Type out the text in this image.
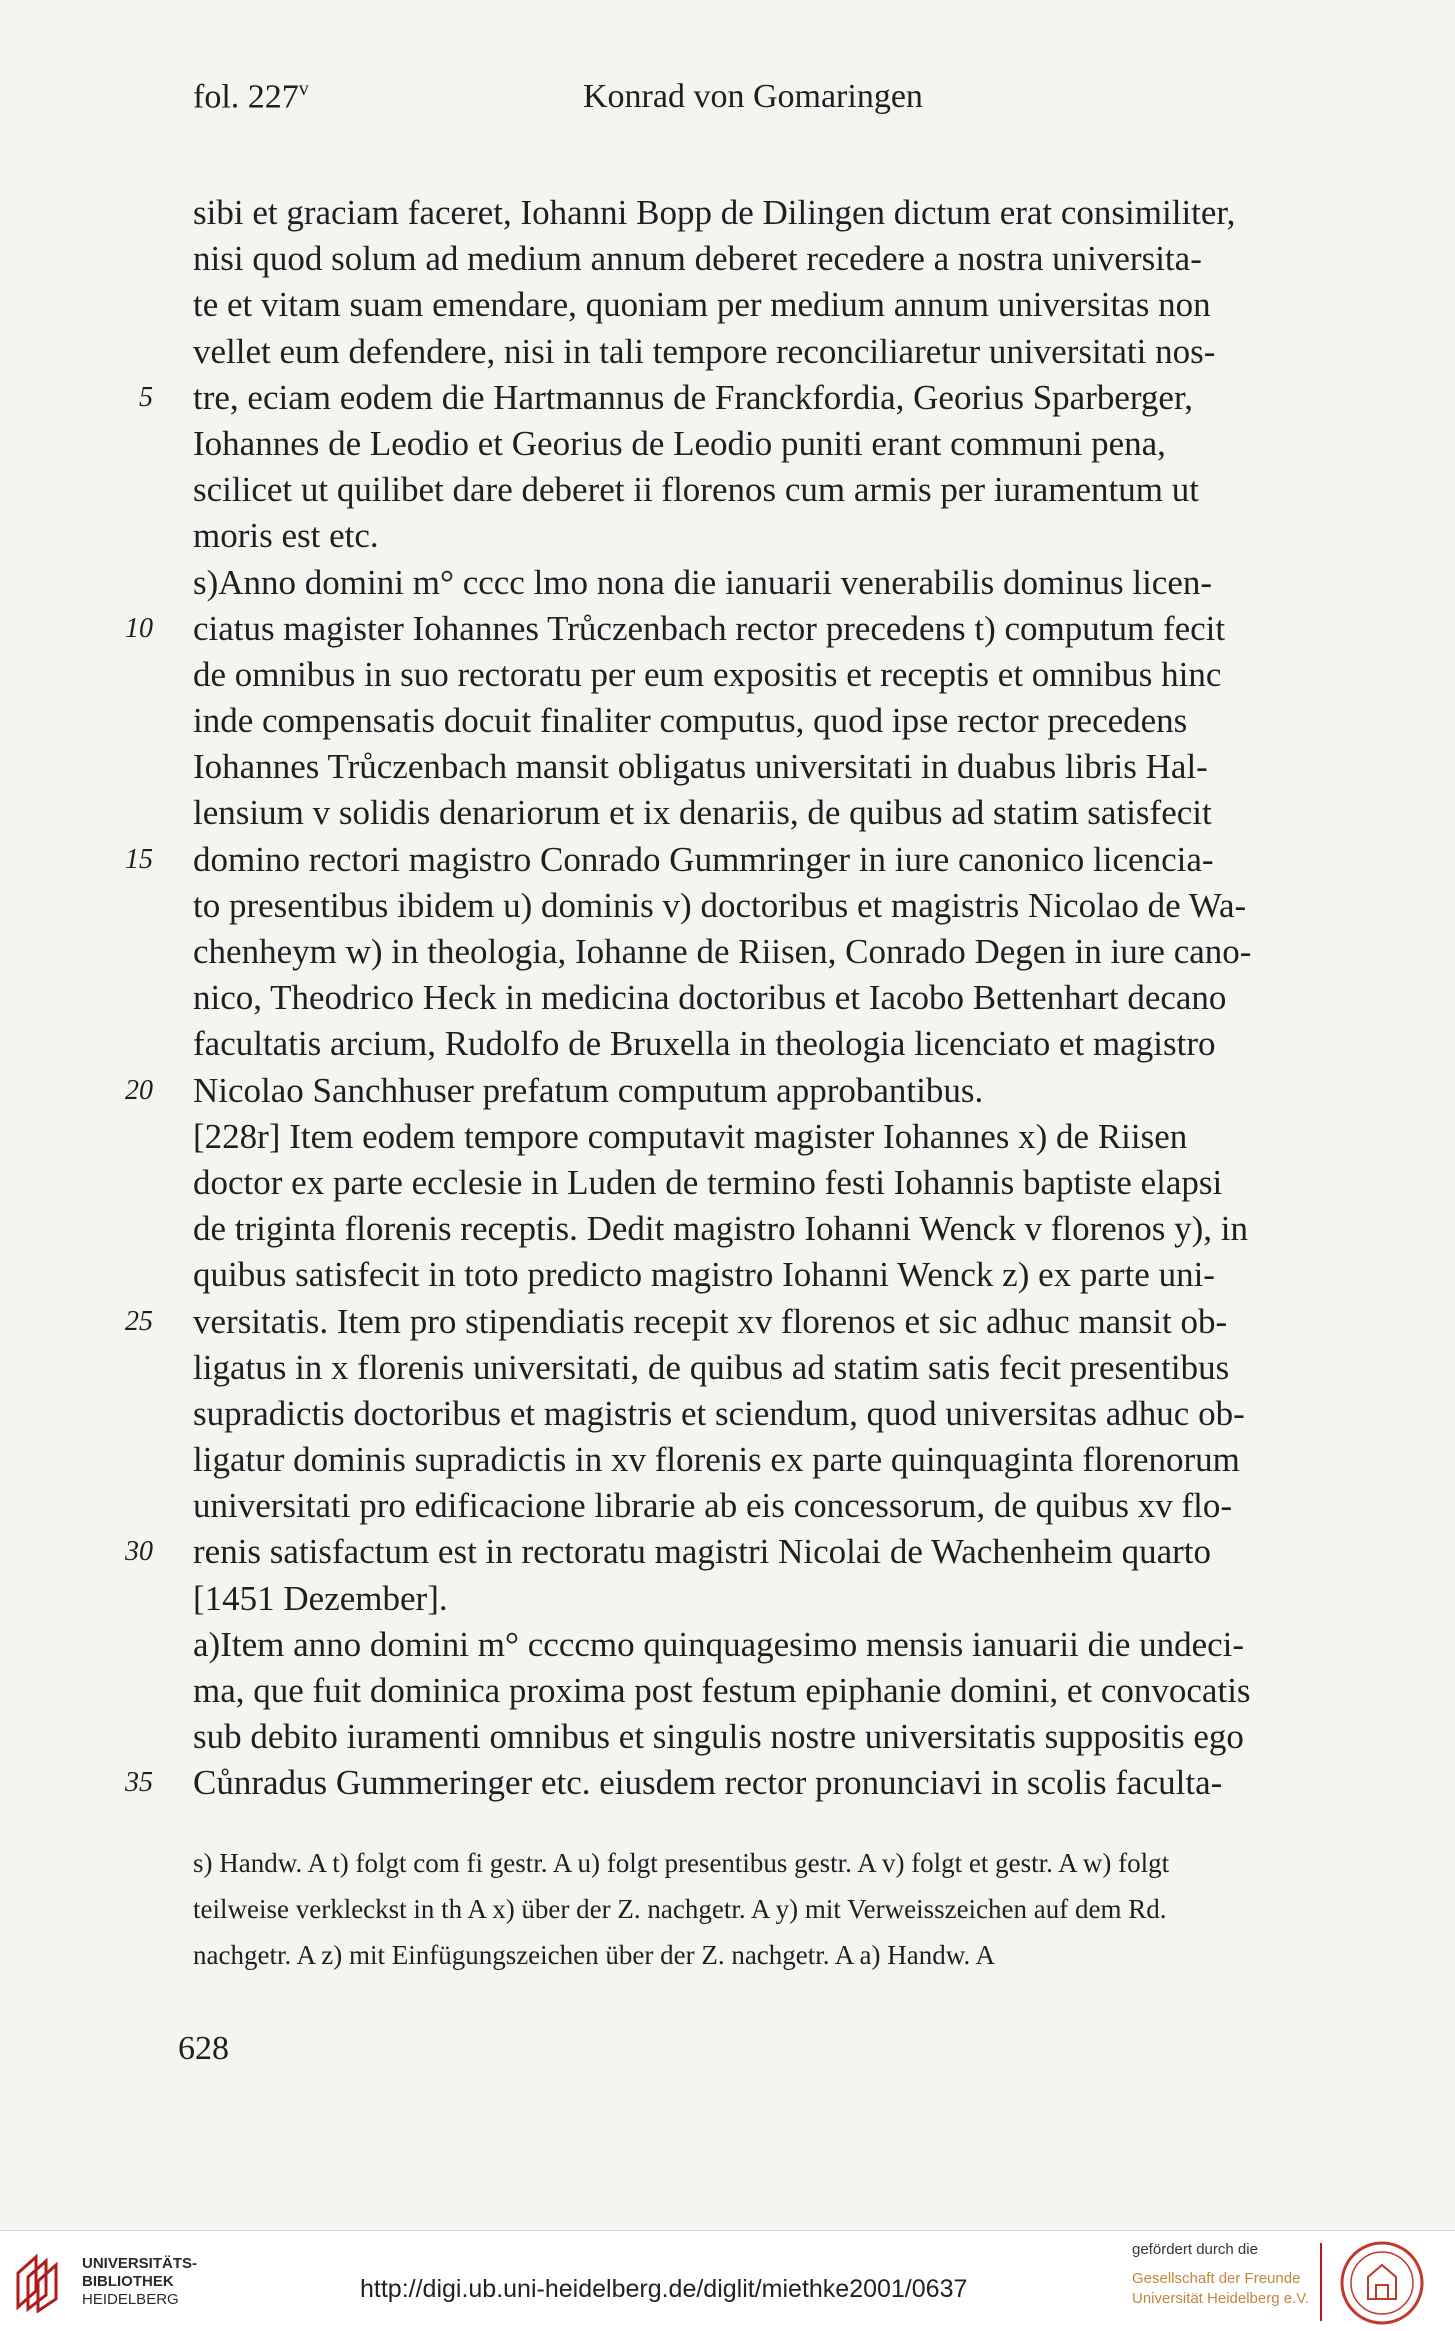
fol. 227$^v$	Konrad von Gomaringen
sibi et graciam faceret, Iohanni Bopp de Dilingen dictum erat consimiliter,
nisi quod solum ad medium annum deberet recedere a nostra universita-
te et vitam suam emendare, quoniam per medium annum universitas non
vellet eum defendere, nisi in tali tempore reconciliaretur universitati nos-
5 tre, eciam eodem die Hartmannus de Franckfordia, Georius Sparberger,
Iohannes de Leodio et Georius de Leodio puniti erant communi pena,
scilicet ut quilibet dare deberet ii florenos cum armis per iuramentum ut
moris est etc.
s)Anno domini m° cccc lmo nona die ianuarii venerabilis dominus licen-
10 ciatus magister Iohannes Trůczenbach rector precedens t) computum fecit
de omnibus in suo rectoratu per eum expositis et receptis et omnibus hinc
inde compensatis docuit finaliter computus, quod ipse rector precedens
Iohannes Trůczenbach mansit obligatus universitati in duabus libris Hal-
lensium v solidis denariorum et ix denariis, de quibus ad statim satisfecit
15 domino rectori magistro Conrado Gummringer in iure canonico licencia-
to presentibus ibidem u) dominis v) doctoribus et magistris Nicolao de Wa-
chenheym w) in theologia, Iohanne de Riisen, Conrado Degen in iure cano-
nico, Theodrico Heck in medicina doctoribus et Iacobo Bettenhart decano
facultatis arcium, Rudolfo de Bruxella in theologia licenciato et magistro
20 Nicolao Sanchhuser prefatum computum approbantibus.
[228r] Item eodem tempore computavit magister Iohannes x) de Riisen
doctor ex parte ecclesie in Luden de termino festi Iohannis baptiste elapsi
de triginta florenis receptis. Dedit magistro Iohanni Wenck v florenos y), in
quibus satisfecit in toto predicto magistro Iohanni Wenck z) ex parte uni-
25 versitatis. Item pro stipendiatis recepit xv florenos et sic adhuc mansit ob-
ligatus in x florenis universitati, de quibus ad statim satis fecit presentibus
supradictis doctoribus et magistris et sciendum, quod universitas adhuc ob-
ligatur dominis supradictis in xv florenis ex parte quinquaginta florenorum
universitati pro edificacione librarie ab eis concessorum, de quibus xv flo-
30 renis satisfactum est in rectoratu magistri Nicolai de Wachenheim quarto
[1451 Dezember].
a)Item anno domini m° ccccmo quinquagesimo mensis ianuarii die undeci-
ma, que fuit dominica proxima post festum epiphanie domini, et convocatis
sub debito iuramenti omnibus et singulis nostre universitatis suppositis ego
35 Cůnradus Gummeringer etc. eiusdem rector pronunciavi in scolis faculta-
s) Handw. A t) folgt com fi gestr. A u) folgt presentibus gestr. A v) folgt et gestr. A w) folgt
teilweise verkleckst in th A x) über der Z. nachgetr. A y) mit Verweisszeichen auf dem Rd.
nachgetr. A z) mit Einfügungszeichen über der Z. nachgetr. A a) Handw. A
628
UNIVERSITÄTS-
BIBLIOTHEK
HEIDELBERG	http://digi.ub.uni-heidelberg.de/diglit/miethke2001/0637
gefördert durch die
Gesellschaft der Freunde
Universität Heidelberg e.V.
